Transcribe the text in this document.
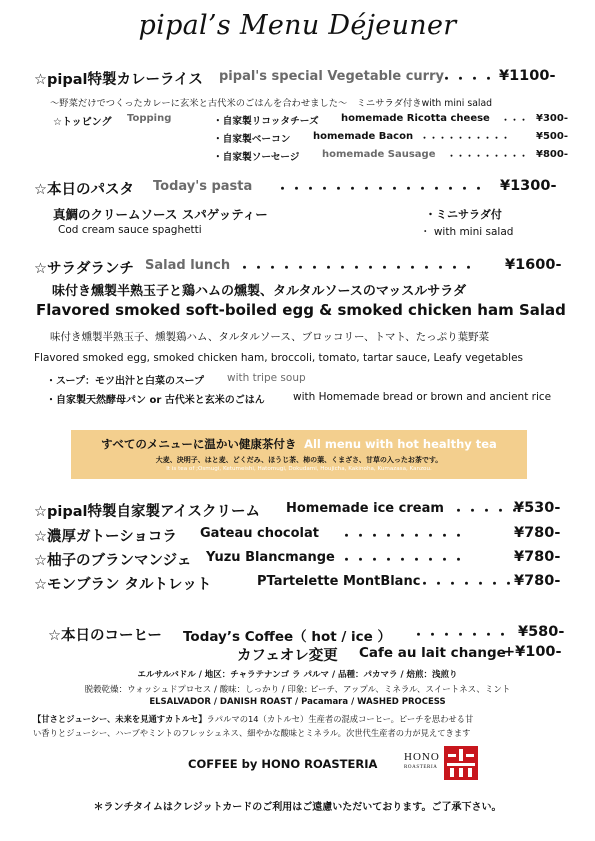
pipal’s Menu Déjeuner
☆pipal特製カレーライス pipal's special Vegetable curry
・・・・ ¥1100-
〜野菜だけでつくったカレーに玄米と古代米のごはんを合わせました〜　ミニサラダ付きwith mini salad
☆トッピング Topping	・自家製リコッタチーズ homemade Ricotta cheese ・・・ ¥300-
・自家製ベーコン homemade Bacon ・・・・・・・・・・	¥500-
・自家製ソーセージ homemade Sausage ・・・・・・・・・ ¥800-
☆本日のパスタ Today's pasta ・・・・・・・・・・・・・・・ ¥1300-
真鯛のクリームソース スパゲッティー	・ミニサラダ付
Cod cream sauce spaghetti	・ with mini salad
☆サラダランチ Salad lunch ・・・・・・・・・・・・・・・・・ ¥1600-
味付き燻製半熟玉子と鶏ハムの燻製、タルタルソースのマッスルサラダ
Flavored smoked soft-boiled egg & smoked chicken ham Salad
味付き燻製半熟玉子、燻製鶏ハム、タルタルソース、ブロッコリー、トマト、たっぷり葉野菜
Flavored smoked egg, smoked chicken ham, broccoli, tomato, tartar sauce, Leafy vegetables
・スープ：モツ出汁と白菜のスープ with tripe soup
・自家製天然酵母パン or 古代米と玄米のごはん	with Homemade bread or brown and ancient rice
すべてのメニューに温かい健康茶付き All menu with hot healthy tea
大麦、決明子、はと麦、どくだみ、ほうじ茶、柿の葉、くまざさ、甘草の入ったお茶です。
It is tea of ;Osmugi, Ketumeishi, Hatomugi, Dokudami, Houjicha, Kakinoha, Kumazasa, Kanzou.
☆pipal特製自家製アイスクリーム Homemade ice cream ・・・・・
¥530-
☆濃厚ガトーショコラ Gateau chocolat ・・・・・・・・・	¥780-
☆柚子のブランマンジェ Yuzu Blancmange ・・・・・・・・・	¥780-
☆モンブラン タルトレット	PTartelette MontBlanc
・・・・・・・
¥780-
☆本日のコーヒー Today’s Coffee（ hot / ice ） ・・・・・・・ ¥580-
カフェオレ変更 Cafe au lait change
+¥100-
エルサルバドル / 地区：チャラテナンゴ ラ パルマ / 品種：パカマラ / 焙煎：浅煎り
脱穀乾燥：ウォッシュドプロセス / 酸味：しっかり / 印象: ピーチ、アップル、ミネラル、スイートネス、ミント
ELSALVADOR / DANISH ROAST / Pacamara / WASHED PROCESS
【甘さとジューシー、未来を見通すカトルセ】ラパルマの14（カトルセ）生産者の混成コーヒー。ピーチを思わせる甘
い香りとジューシー、ハーブやミントのフレッシュネス、細やかな酸味とミネラル。次世代生産者の力が見えてきます
COFFEE by HONO ROASTERIA HONO
ROASTERIA
＊ランチタイムはクレジットカードのご利用はご遠慮いただいております。ご了承下さい。
